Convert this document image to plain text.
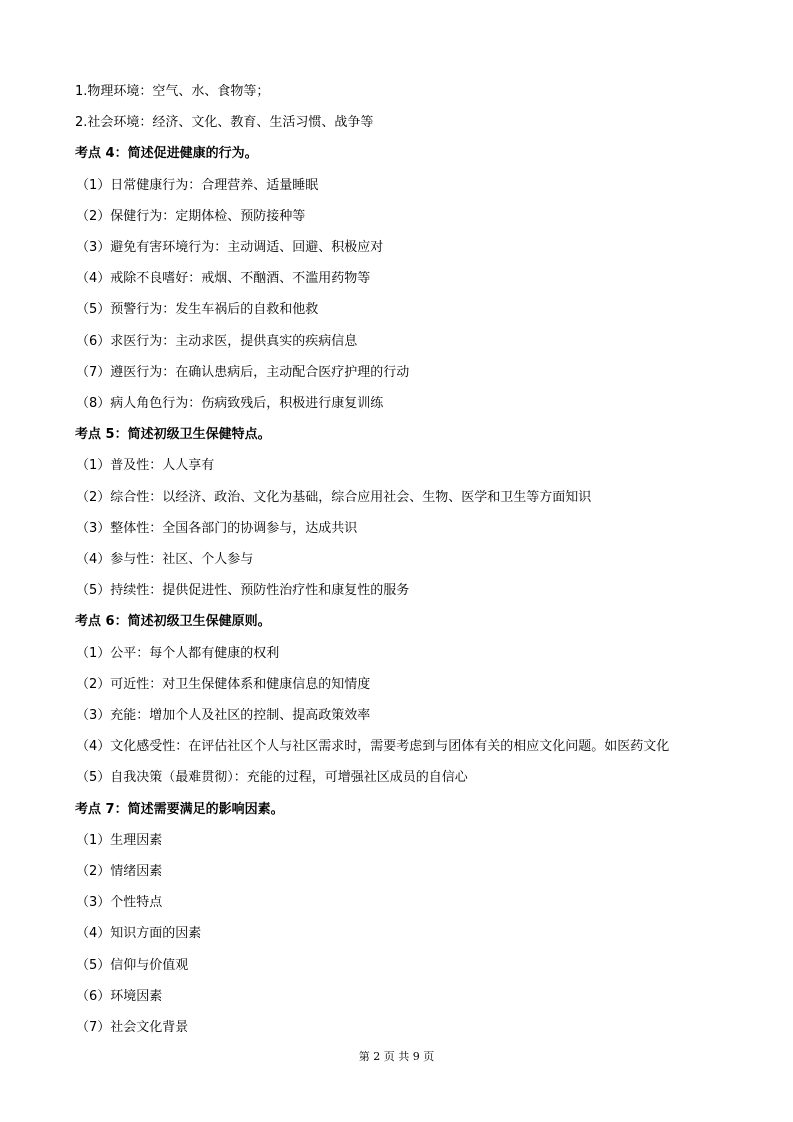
1.物理环境：空气、水、食物等；
2.社会环境：经济、文化、教育、生活习惯、战争等
考点 4：简述促进健康的行为。
（1）日常健康行为：合理营养、适量睡眠
（2）保健行为：定期体检、预防接种等
（3）避免有害环境行为：主动调适、回避、积极应对
（4）戒除不良嗜好：戒烟、不酗酒、不滥用药物等
（5）预警行为：发生车祸后的自救和他救
（6）求医行为：主动求医，提供真实的疾病信息
（7）遵医行为：在确认患病后，主动配合医疗护理的行动
（8）病人角色行为：伤病致残后，积极进行康复训练
考点 5：简述初级卫生保健特点。
（1）普及性：人人享有
（2）综合性：以经济、政治、文化为基础，综合应用社会、生物、医学和卫生等方面知识
（3）整体性：全国各部门的协调参与，达成共识
（4）参与性：社区、个人参与
（5）持续性：提供促进性、预防性治疗性和康复性的服务
考点 6：简述初级卫生保健原则。
（1）公平：每个人都有健康的权利
（2）可近性：对卫生保健体系和健康信息的知情度
（3）充能：增加个人及社区的控制、提高政策效率
（4）文化感受性：在评估社区个人与社区需求时，需要考虑到与团体有关的相应文化问题。如医药文化
（5）自我决策（最难贯彻）：充能的过程，可增强社区成员的自信心
考点 7：简述需要满足的影响因素。
（1）生理因素
（2）情绪因素
（3）个性特点
（4）知识方面的因素
（5）信仰与价值观
（6）环境因素
（7）社会文化背景
第 2 页 共 9 页
